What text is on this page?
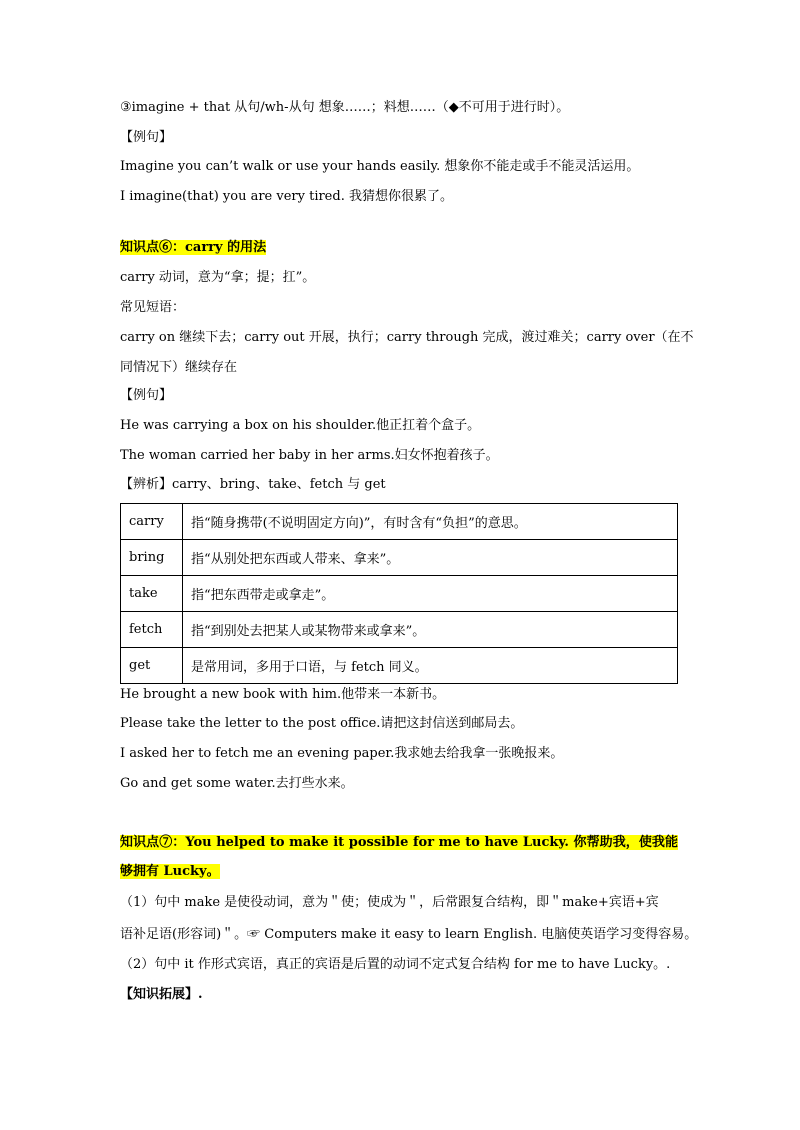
③imagine + that 从句/wh-从句 想象……；料想……（◆不可用于进行时）。
【例句】
Imagine you can’t walk or use your hands easily. 想象你不能走或手不能灵活运用。
I imagine(that) you are very tired. 我猜想你很累了。
知识点⑥：carry 的用法
carry 动词，意为“拿；提；扛”。
常见短语：
carry on 继续下去；carry out 开展，执行；carry through 完成，渡过难关；carry over（在不
同情况下）继续存在
【例句】
He was carrying a box on his shoulder.他正扛着个盒子。
The woman carried her baby in her arms.妇女怀抱着孩子。
【辨析】carry、bring、take、fetch 与 get
carry	指“随身携带(不说明固定方向)”，有时含有“负担”的意思。
bring	指“从别处把东西或人带来、拿来”。
take	指“把东西带走或拿走”。
fetch	指“到别处去把某人或某物带来或拿来”。
get	是常用词，多用于口语，与 fetch 同义。
He brought a new book with him.他带来一本新书。
Please take the letter to the post office.请把这封信送到邮局去。
I asked her to fetch me an evening paper.我求她去给我拿一张晚报来。
Go and get some water.去打些水来。
知识点⑦：You helped to make it possible for me to have Lucky. 你帮助我，使我能
够拥有 Lucky。
（1）句中 make 是使役动词，意为＂使；使成为＂，后常跟复合结构，即＂make+宾语+宾
语补足语(形容词)＂。☞ Computers make it easy to learn English. 电脑使英语学习变得容易。
（2）句中 it 作形式宾语，真正的宾语是后置的动词不定式复合结构 for me to have Lucky。.
【知识拓展】.
